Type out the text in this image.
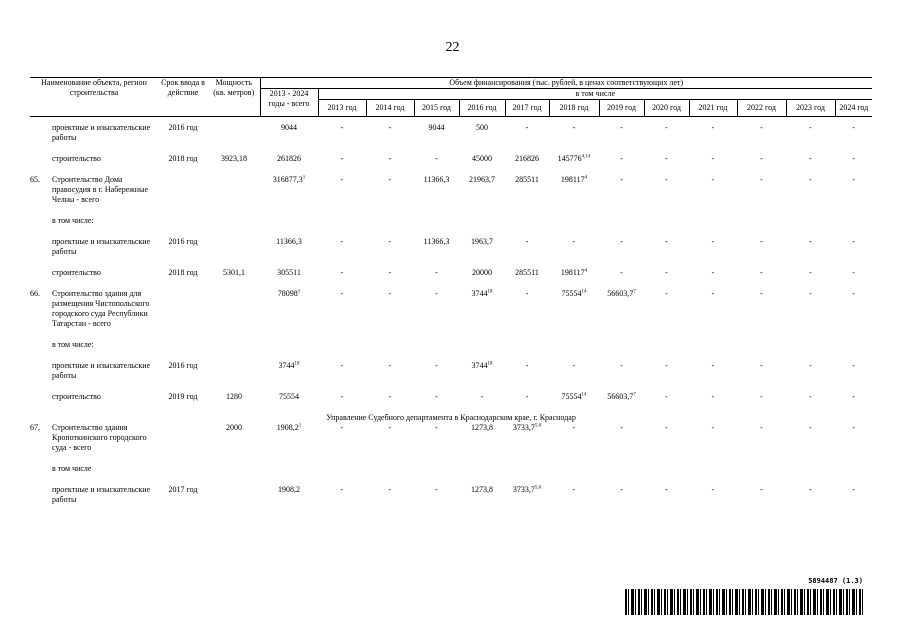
22
Наименование объекта, регион строительства		Срок ввода в действие	Мощность (кв. метров)	Объем финансирования (тыс. рублей, в ценах соответствующих лет)												
				2013 - 2024 годы - всего	в том числе											
					2013 год	2014 год	2015 год	2016 год	2017 год	2018 год	2019 год	2020 год	2021 год	2022 год	2023 год	2024 год

	проектные и изыскательские работы	2016 год		9044	-	-	9044	500	-	-	-	-	-	-	-	-

	строительство	2018 год	3923,18	261826	-	-	-	45000	216826	145776$^{4,14}$	-	-	-	-	-	-

65.	Строительство Дома правосудия в г. Набережные Челны - всего			316877,3$^1$	-	-	11366,3	21963,7	285511	198117$^4$	-	-	-	-	-	-

	в том числе:															

	проектные и изыскательские работы	2016 год		11366,3	-	-	11366,3	1963,7	-	-	-	-	-	-	-	-

	строительство	2018 год	5301,1	305511	-	-	-	20000	285511	198117$^4$	-	-	-	-	-	-

66.	Строительство здания для размещения Чистопольского городского суда Республики Татарстан - всего			78098$^1$	-	-	-	3744$^{18}$	-	75554$^{14}$	56603,7$^7$	-	-	-	-	-

	в том числе:															

	проектные и изыскательские работы	2016 год		3744$^{18}$	-	-	-	3744$^{18}$	-	-	-	-	-	-	-	-

	строительство	2019 год	1280	75554	-	-	-	-	-	75554$^{14}$	56603,7$^7$	-	-	-	-	-

Управление Судебного департамента в Краснодарском крае, г. Краснодар																
67.	Строительство здания Кропоткинского городского суда - всего		2000	1908,2$^1$	-	-	-	1273,8	3733,7$^{5,6}$	-	-	-	-	-	-	-

	в том числе															

	проектные и изыскательские работы	2017 год		1908,2	-	-	-	1273,8	3733,7$^{5,6}$	-	-	-	-	-	-	-

5894487 (1.3)
